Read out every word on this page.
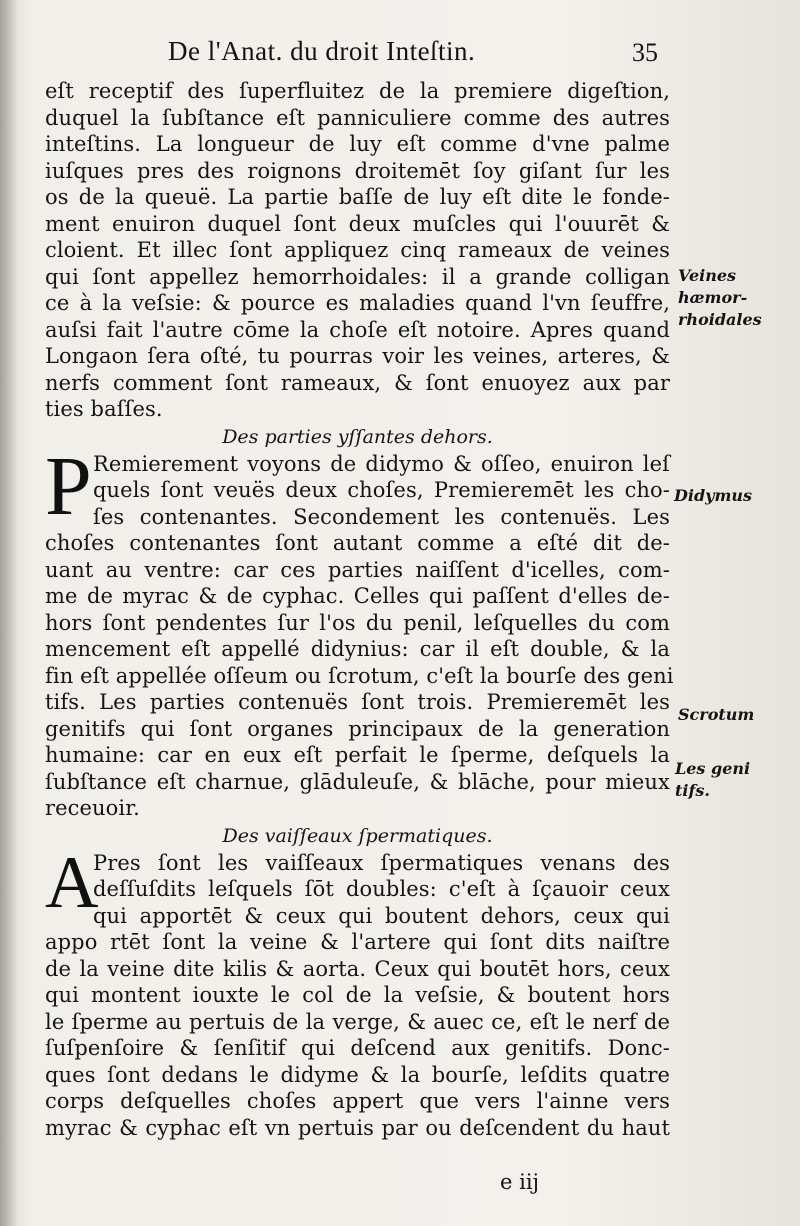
De l'Anat. du droit Inteſtin.	35
eſt receptif des ſuperfluitez de la premiere digeſtion,
duquel la ſubſtance eſt panniculiere comme des autres
inteſtins. La longueur de luy eſt comme d'vne palme
iuſques pres des roignons droitemēt ſoy giſant ſur les
os de la queuë. La partie baſſe de luy eſt dite le fonde-
ment enuiron duquel ſont deux muſcles qui l'ouurēt &
cloient. Et illec ſont appliquez cinq rameaux de veines
qui ſont appellez hemorrhoidales: il a grande colligan
ce à la veſsie: & pource es maladies quand l'vn ſeuffre,
auſsi fait l'autre cōme la choſe eſt notoire. Apres quand
Longaon ſera oſté, tu pourras voir les veines, arteres, &
nerfs comment ſont rameaux, & ſont enuoyez aux par
ties baſſes.
Des parties yſſantes dehors.
P Remierement voyons de didymo & oſſeo, enuiron leſ
quels ſont veuës deux choſes, Premieremēt les cho-
ſes contenantes. Secondement les contenuës. Les
choſes contenantes ſont autant comme a eſté dit de-
uant au ventre: car ces parties naiſſent d'icelles, com-
me de myrac & de cyphac. Celles qui paſſent d'elles de-
hors ſont pendentes ſur l'os du penil, leſquelles du com
mencement eſt appellé didynius: car il eſt double, & la
fin eſt appellée oſſeum ou ſcrotum, c'eſt la bourſe des geni
tifs. Les parties contenuës ſont trois. Premieremēt les
genitifs qui ſont organes principaux de la generation
humaine: car en eux eſt perfait le ſperme, deſquels la
ſubſtance eſt charnue, glāduleuſe, & blāche, pour mieux
receuoir.
Des vaiſſeaux ſpermatiques.
A
Pres ſont les vaiſſeaux ſpermatiques venans des
deſſuſdits leſquels ſōt doubles: c'eſt à ſçauoir ceux
qui apportēt & ceux qui boutent dehors, ceux qui
appo rtēt ſont la veine & l'artere qui ſont dits naiſtre
de la veine dite kilis & aorta. Ceux qui boutēt hors, ceux
qui montent iouxte le col de la veſsie, & boutent hors
le ſperme au pertuis de la verge, & auec ce, eſt le nerf de
ſuſpenſoire & ſenſitif qui deſcend aux genitifs. Donc-
ques ſont dedans le didyme & la bourſe, leſdits quatre
corps deſquelles choſes appert que vers l'ainne vers
myrac & cyphac eſt vn pertuis par ou deſcendent du haut
Veines
hæmor-
rhoidales
Didymus
Scrotum
Les geni
tifs.
e iij
